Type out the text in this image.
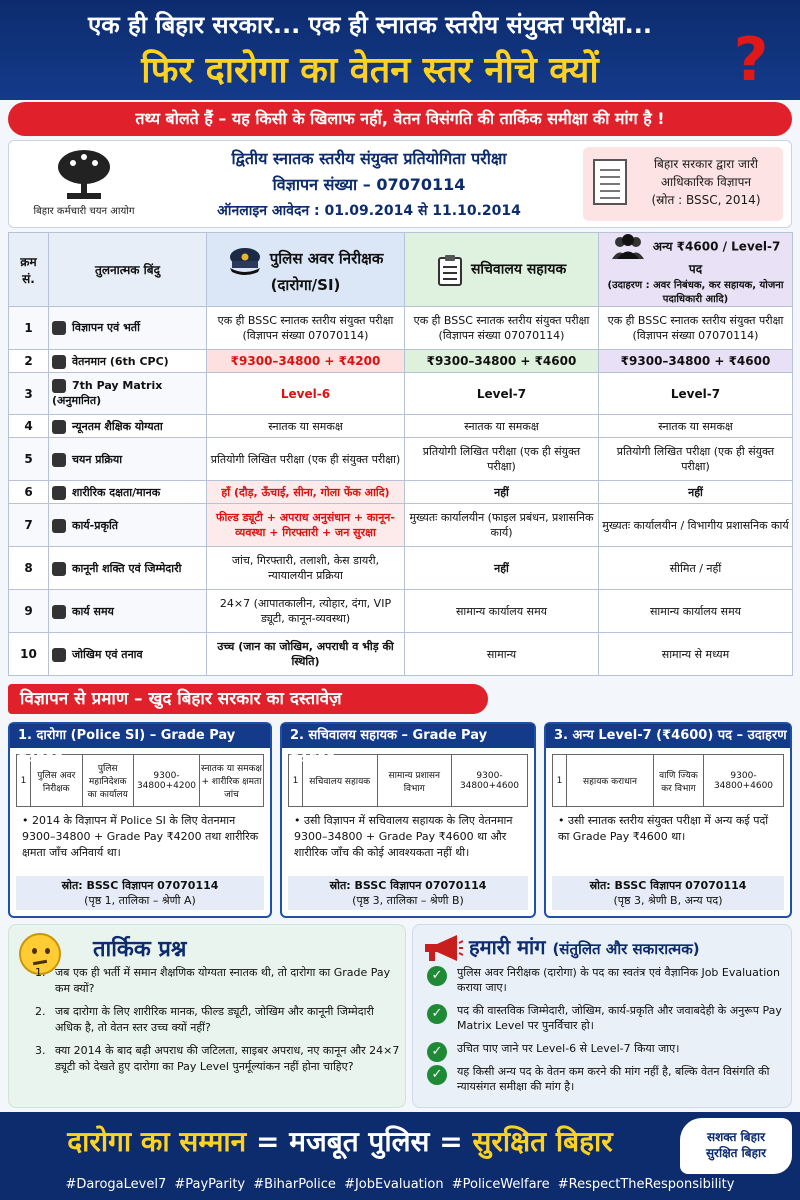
एक ही बिहार सरकार... एक ही स्नातक स्तरीय संयुक्त परीक्षा...
फिर दारोगा का वेतन स्तर नीचे क्यों	?
तथ्य बोलते हैं – यह किसी के खिलाफ नहीं, वेतन विसंगति की तार्किक समीक्षा की मांग है !
बिहार कर्मचारी चयन आयोग
द्वितीय स्नातक स्तरीय संयुक्त प्रतियोगिता परीक्षा
विज्ञापन संख्या – 07070114
ऑनलाइन आवेदन : 01.09.2014 से 11.10.2014
बिहार सरकार द्वारा जारी
आधिकारिक विज्ञापन
(स्रोत : BSSC, 2014)
क्रम सं.	तुलनात्मक बिंदु	पुलिस अवर निरीक्षक (दारोगा/SI)	सचिवालय सहायक	अन्य ₹4600 / Level-7 पद
(उदाहरण : अवर निबंधक, कर सहायक, योजना पदाधिकारी आदि)

1	विज्ञापन एवं भर्ती	एक ही BSSC स्नातक स्तरीय संयुक्त परीक्षा (विज्ञापन संख्या 07070114)	एक ही BSSC स्नातक स्तरीय संयुक्त परीक्षा (विज्ञापन संख्या 07070114)	एक ही BSSC स्नातक स्तरीय संयुक्त परीक्षा (विज्ञापन संख्या 07070114)
2	वेतनमान (6th CPC)	₹9300–34800 + ₹4200	₹9300–34800 + ₹4600	₹9300–34800 + ₹4600
3	7th Pay Matrix (अनुमानित)	Level-6	Level-7	Level-7
4	न्यूनतम शैक्षिक योग्यता	स्नातक या समकक्ष	स्नातक या समकक्ष	स्नातक या समकक्ष
5	चयन प्रक्रिया	प्रतियोगी लिखित परीक्षा (एक ही संयुक्त परीक्षा)	प्रतियोगी लिखित परीक्षा (एक ही संयुक्त परीक्षा)	प्रतियोगी लिखित परीक्षा (एक ही संयुक्त परीक्षा)
6	शारीरिक दक्षता/मानक	हाँ (दौड़, ऊँचाई, सीना, गोला फेंक आदि)	नहीं	नहीं
7	कार्य-प्रकृति	फील्ड ड्यूटी + अपराध अनुसंधान + कानून-व्यवस्था + गिरफ्तारी + जन सुरक्षा	मुख्यतः कार्यालयीन (फाइल प्रबंधन, प्रशासनिक कार्य)	मुख्यतः कार्यालयीन / विभागीय प्रशासनिक कार्य
8	कानूनी शक्ति एवं जिम्मेदारी	जांच, गिरफ्तारी, तलाशी, केस डायरी, न्यायालयीन प्रक्रिया	नहीं	सीमित / नहीं
9	कार्य समय	24×7 (आपातकालीन, त्योहार, दंगा, VIP ड्यूटी, कानून-व्यवस्था)	सामान्य कार्यालय समय	सामान्य कार्यालय समय
10	जोखिम एवं तनाव	उच्च (जान का जोखिम, अपराधी व भीड़ की स्थिति)	सामान्य	सामान्य से मध्यम
विज्ञापन से प्रमाण – खुद बिहार सरकार का दस्तावेज़
1. दारोगा (Police SI) – Grade Pay ₹4200
1	पुलिस अवर निरीक्षक	पुलिस महानिदेशक का कार्यालय	9300-34800+4200	स्नातक या समकक्ष + शारीरिक क्षमता जांच
• 2014 के विज्ञापन में Police SI के लिए वेतनमान 9300–34800 + Grade Pay ₹4200 तथा शारीरिक क्षमता जाँच अनिवार्य था।
स्रोत: BSSC विज्ञापन 07070114
(पृष्ठ 1, तालिका – श्रेणी A)
2. सचिवालय सहायक – Grade Pay ₹4600
1	सचिवालय सहायक	सामान्य प्रशासन विभाग	9300-34800+4600
• उसी विज्ञापन में सचिवालय सहायक के लिए वेतनमान 9300–34800 + Grade Pay ₹4600 था और शारीरिक जाँच की कोई आवश्यकता नहीं थी।
स्रोत: BSSC विज्ञापन 07070114
(पृष्ठ 3, तालिका – श्रेणी B)
3. अन्य Level-7 (₹4600) पद – उदाहरण
1	सहायक कराधान	वाणि ज्यिक कर विभाग	9300-34800+4600
• उसी स्नातक स्तरीय संयुक्त परीक्षा में अन्य कई पदों का Grade Pay ₹4600 था।
स्रोत: BSSC विज्ञापन 07070114
(पृष्ठ 3, श्रेणी B, अन्य पद)
तार्किक प्रश्न
1. जब एक ही भर्ती में समान शैक्षणिक योग्यता स्नातक थी, तो दारोगा का Grade Pay कम क्यों?
2. जब दारोगा के लिए शारीरिक मानक, फील्ड ड्यूटी, जोखिम और कानूनी जिम्मेदारी अधिक है, तो वेतन स्तर उच्च क्यों नहीं?
3. क्या 2014 के बाद बढ़ी अपराध की जटिलता, साइबर अपराध, नए कानून और 24×7 ड्यूटी को देखते हुए दारोगा का Pay Level पुनर्मूल्यांकन नहीं होना चाहिए?
हमारी मांग (संतुलित और सकारात्मक)
✓	पुलिस अवर निरीक्षक (दारोगा) के पद का स्वतंत्र एवं वैज्ञानिक Job Evaluation कराया जाए।
✓	पद की वास्तविक जिम्मेदारी, जोखिम, कार्य-प्रकृति और जवाबदेही के अनुरूप Pay Matrix Level पर पुनर्विचार हो।
✓	उचित पाए जाने पर Level-6 से Level-7 किया जाए।
✓	यह किसी अन्य पद के वेतन कम करने की मांग नहीं है, बल्कि वेतन विसंगति की न्यायसंगत समीक्षा की मांग है।
दारोगा का सम्मान = मजबूत पुलिस = सुरक्षित बिहार	सशक्त बिहार
सुरक्षित बिहार
#DarogaLevel7 #PayParity #BiharPolice #JobEvaluation #PoliceWelfare #RespectTheResponsibility
